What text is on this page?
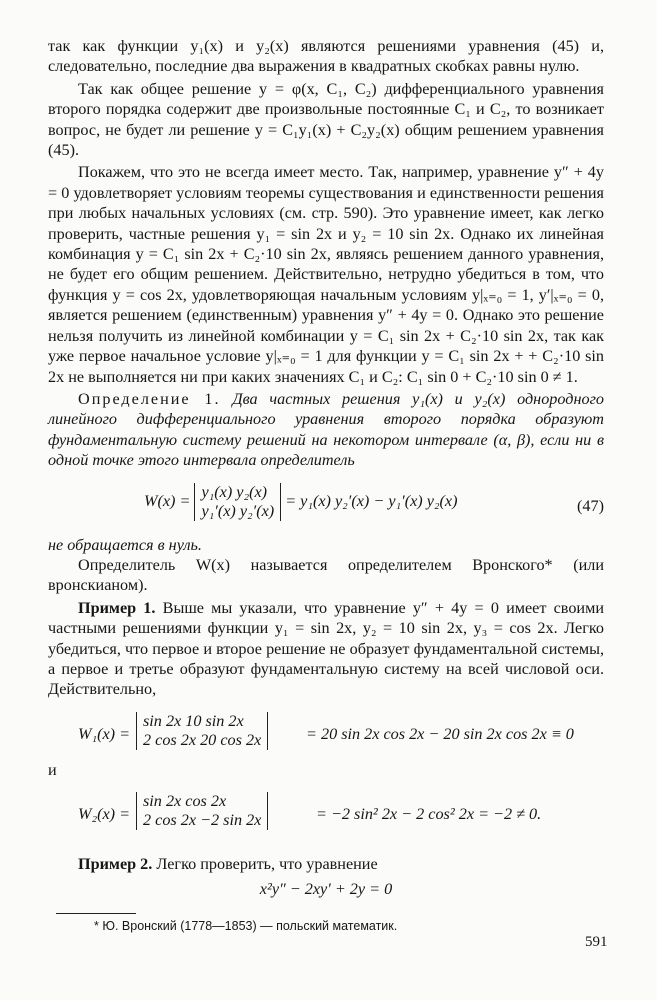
так как функции y₁(x) и y₂(x) являются решениями уравнения (45) и, следовательно, последние два выражения в квадратных скобках равны нулю.

Так как общее решение y = φ(x, C₁, C₂) дифференциального уравнения второго порядка содержит две произвольные постоянные C₁ и C₂, то возникает вопрос, не будет ли решение y = C₁y₁(x) + C₂y₂(x) общим решением уравнения (45).

Покажем, что это не всегда имеет место. Так, например, уравнение y″ + 4y = 0 удовлетворяет условиям теоремы существования и единственности решения при любых начальных условиях (см. стр. 590). Это уравнение имеет, как легко проверить, частные решения y₁ = sin 2x и y₂ = 10 sin 2x. Однако их линейная комбинация y = C₁ sin 2x + C₂·10 sin 2x, являясь решением данного уравнения, не будет его общим решением. Действительно, нетрудно убедиться в том, что функция y = cos 2x, удовлетворяющая начальным условиям y|ₓ₌₀ = 1, y′|ₓ₌₀ = 0, является решением (единственным) уравнения y″ + 4y = 0. Однако это решение нельзя получить из линейной комбинации y = C₁ sin 2x + C₂·10 sin 2x, так как уже первое начальное условие y|ₓ₌₀ = 1 для функции y = C₁ sin 2x + + C₂·10 sin 2x не выполняется ни при каких значениях C₁ и C₂: C₁ sin 0 + C₂·10 sin 0 ≠ 1.

Определение 1. Два частных решения y₁(x) и y₂(x) однородного линейного дифференциального уравнения второго порядка образуют фундаментальную систему решений на некотором интервале (α, β), если ни в одной точке этого интервала определитель

W(x) =
y₁(x) y₂(x)
y₁′(x) y₂′(x)
= y₁(x) y₂′(x) − y₁′(x) y₂(x)	(47)

не обращается в нуль.

Определитель W(x) называется определителем Вронского* (или вронскианом).

Пример 1. Выше мы указали, что уравнение y″ + 4y = 0 имеет своими частными решениями функции y₁ = sin 2x, y₂ = 10 sin 2x, y₃ = cos 2x. Легко убедиться, что первое и второе решение не образует фундаментальной системы, а первое и третье образуют фундаментальную систему на всей числовой оси. Действительно,

W₁(x) =
sin 2x 10 sin 2x
2 cos 2x 20 cos 2x	= 20 sin 2x cos 2x − 20 sin 2x cos 2x ≡ 0

и

W₂(x) =
sin 2x cos 2x
2 cos 2x −2 sin 2x	= −2 sin² 2x − 2 cos² 2x = −2 ≠ 0.

Пример 2. Легко проверить, что уравнение

x²y″ − 2xy′ + 2y = 0
* Ю. Вронский (1778—1853) — польский математик.
591
